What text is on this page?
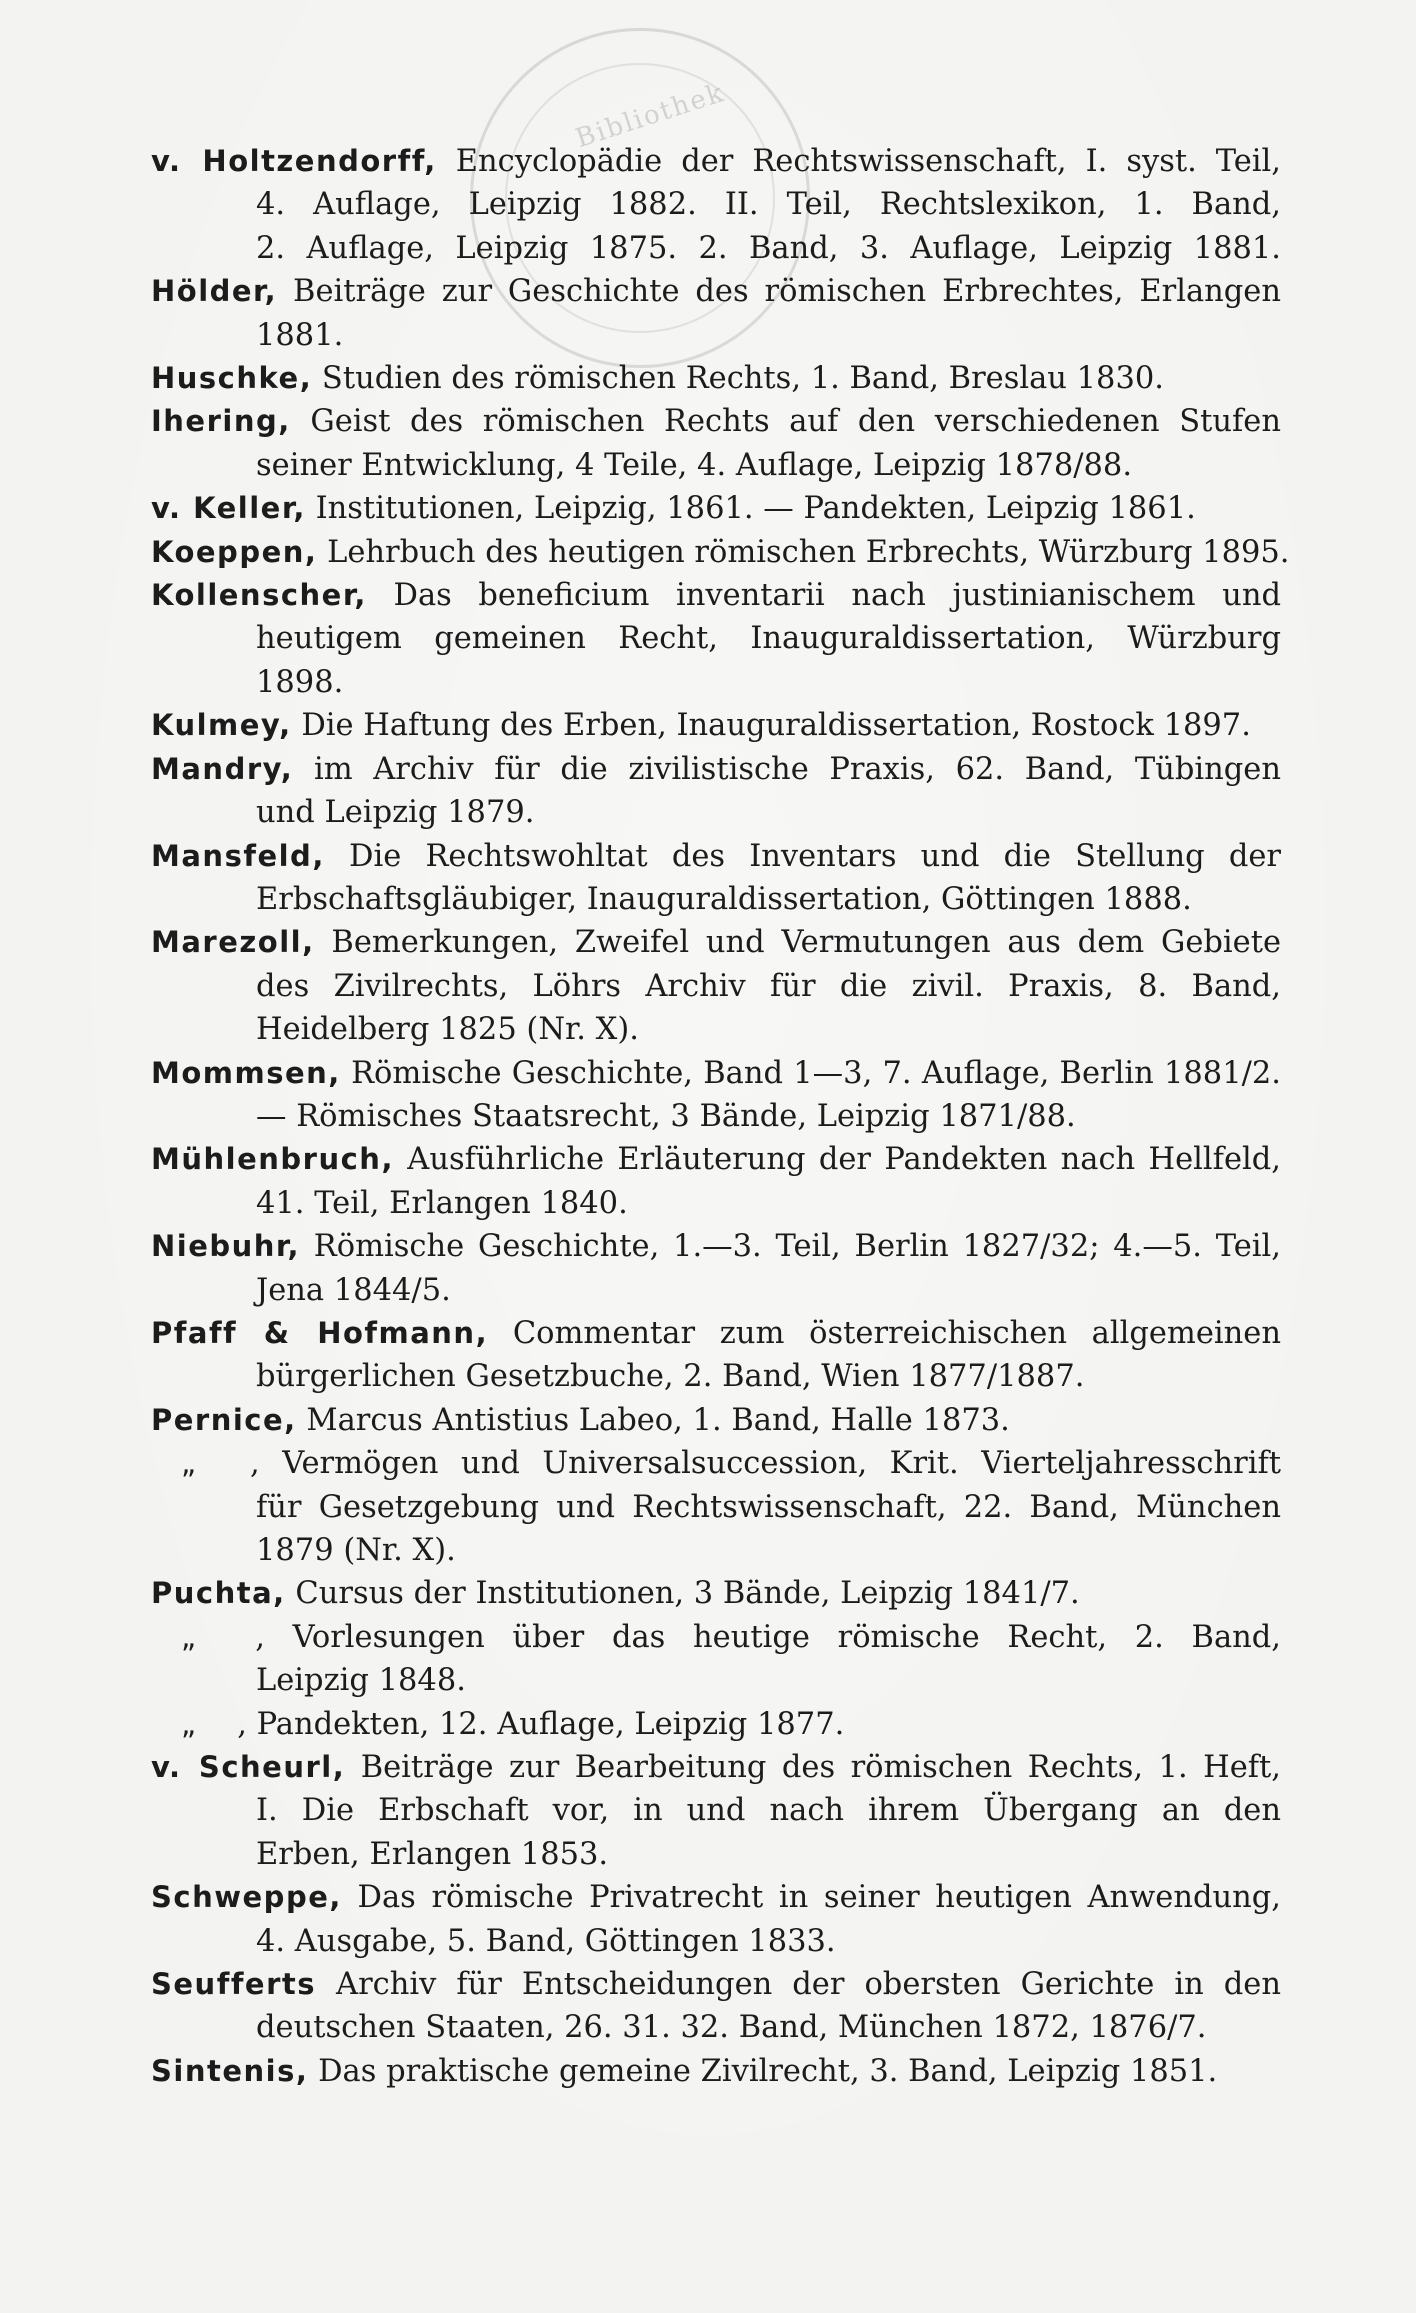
Bibliothek

v. Holtzendorff, Encyclopädie der Rechtswissenschaft, I. syst. Teil,
4. Auflage, Leipzig 1882. II. Teil, Rechtslexikon, 1. Band,
2. Auflage, Leipzig 1875. 2. Band, 3. Auflage, Leipzig 1881.

Hölder, Beiträge zur Geschichte des römischen Erbrechtes, Erlangen
1881.

Huschke, Studien des römischen Rechts, 1. Band, Breslau 1830.

Ihering, Geist des römischen Rechts auf den verschiedenen Stufen
seiner Entwicklung, 4 Teile, 4. Auflage, Leipzig 1878/88.

v. Keller, Institutionen, Leipzig, 1861. — Pandekten, Leipzig 1861.

Koeppen, Lehrbuch des heutigen römischen Erbrechts, Würzburg 1895.

Kollenscher, Das beneficium inventarii nach justinianischem und
heutigem gemeinen Recht, Inauguraldissertation, Würzburg
1898.

Kulmey, Die Haftung des Erben, Inauguraldissertation, Rostock 1897.

Mandry, im Archiv für die zivilistische Praxis, 62. Band, Tübingen
und Leipzig 1879.

Mansfeld, Die Rechtswohltat des Inventars und die Stellung der
Erbschaftsgläubiger, Inauguraldissertation, Göttingen 1888.

Marezoll, Bemerkungen, Zweifel und Vermutungen aus dem Gebiete
des Zivilrechts, Löhrs Archiv für die zivil. Praxis, 8. Band,
Heidelberg 1825 (Nr. X).

Mommsen, Römische Geschichte, Band 1—3, 7. Auflage, Berlin 1881/2.
— Römisches Staatsrecht, 3 Bände, Leipzig 1871/88.

Mühlenbruch, Ausführliche Erläuterung der Pandekten nach Hellfeld,
41. Teil, Erlangen 1840.

Niebuhr, Römische Geschichte, 1.—3. Teil, Berlin 1827/32; 4.—5. Teil,
Jena 1844/5.

Pfaff & Hofmann, Commentar zum österreichischen allgemeinen
bürgerlichen Gesetzbuche, 2. Band, Wien 1877/1887.

Pernice, Marcus Antistius Labeo, 1. Band, Halle 1873.

„ , Vermögen und Universalsuccession, Krit. Vierteljahresschrift
für Gesetzgebung und Rechtswissenschaft, 22. Band, München
1879 (Nr. X).

Puchta, Cursus der Institutionen, 3 Bände, Leipzig 1841/7.

„ , Vorlesungen über das heutige römische Recht, 2. Band,
Leipzig 1848.

„ , Pandekten, 12. Auflage, Leipzig 1877.

v. Scheurl, Beiträge zur Bearbeitung des römischen Rechts, 1. Heft,
I. Die Erbschaft vor, in und nach ihrem Übergang an den
Erben, Erlangen 1853.

Schweppe, Das römische Privatrecht in seiner heutigen Anwendung,
4. Ausgabe, 5. Band, Göttingen 1833.

Seufferts Archiv für Entscheidungen der obersten Gerichte in den
deutschen Staaten, 26. 31. 32. Band, München 1872, 1876/7.

Sintenis, Das praktische gemeine Zivilrecht, 3. Band, Leipzig 1851.
